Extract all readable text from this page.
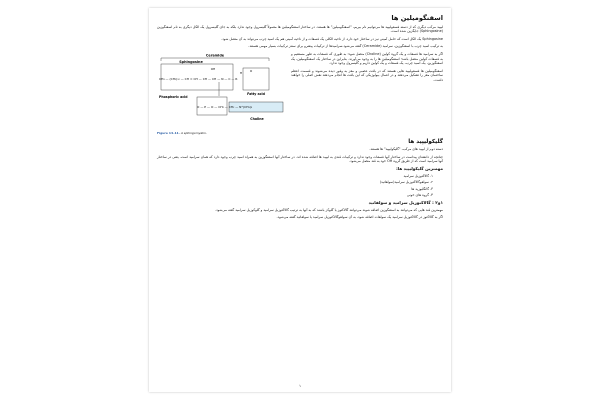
اسفنگومیلین ها

لیپید مرکب دیگری که از دسته فسفولیپید ها می‌توانیم نام ببریم، "اسفنگومیلین" ها هستند. در ساختار اسفنگومیلین ها معمولاً گلیسرول وجود ندارد بلکه به جای گلیسرول یک الکل دیگری به نام اسفنگوزین (Sphingosine) جایگزین شده است.

Sphingosine یک الکل است که حامل آمینی نیز در ساختار خود دارد. از ناحیه الکلی یک فسفات و از ناحیه آمینی هم یک اسید چرب می‌تواند به آن متصل شود.

به ترکیب اسید چرب با اسفنگوزین، سرامید (Ceramide) گفته می‌شود.سرامیدها از ترکیبات پیشرو برای سنتز ترکیبات بسیار مهمی هستند.

اگر به سرامید ها فسفات و یک گروه کولین (Choline) متصل شود؛ به طوری که فسفات به طور مستقیم و به فسفات کولین متصل باشد؛ اسفنگومیلین ها را به وجود می‌آورند. بنابراین در ساختار یک اسفنگومیلین، یک اسفنگوزین، یک اسید چرب، یک فسفات و یک کولین داریم و گلیسرول وجود ندارد.

اسفنگومیلین ها فسفولیپید هایی هستند که در بافت عصبی و مغز به وفور دیده می‌شوند و قسمت اعظم ساختمان مغز را تشکیل می‌دهند و در اعمال بیولوژیکی که این بافت ها انجام می‌دهند نقش اصلی را خواهند داشت.

Ceramide
Sphingosine
Fatty acid
OH
H	O
CH₃ — (CH₂)₁₂ — CH = CH — CH — CH — N — C — R
Phosphoric acid
O — P — O — CH₂ — CH₂ — N⁺(CH₃)₃
Choline
Figure 14–11. A sphingomyelin.
گلیکولیپید ها

دسته دوم از لیپید های مرکب، "گلیکولیپید" ها هستند.

چنانچه از دانشتان پیداست در ساختار آنها فسفات وجود ندارد و ترکیبات قندی به لیپید ها اضافه شده اند. در ساختار آنها اسفنگوزین به همراه اسید چرب وجود دارد که همان سرامید است. یعنی در ساختار آنها سرامید است که از طریق گروه OH خود به قند متصل می‌شود.

مهمترین گلیکولیپید ها:
۱. گالاکتوزیل سرامید
۲. سولفوگالاکتوزیل سرامید(سولفاتید)
۳. گانگلیوزید ها
۴. گروه های خونی
۱و۲ : گالاکتوزیل سرامید و سولفاتید

مهمترین قند هایی که می‌توانند به اسفنگوزین اضافه شوند می‌توانند گالاکتوز یا گلوکز باشند که به آنها به ترتیب گالاکتوزیل سرامید و گلوکوزیل سرامید گفته می‌شود.

اگر به گالاکتوز در گالاکتوزیل سرامید یک سولفات اضافه شود، به آن سولفوگالاکتوزیل سرامید یا سولفاتید گفته می‌شود.

۱
